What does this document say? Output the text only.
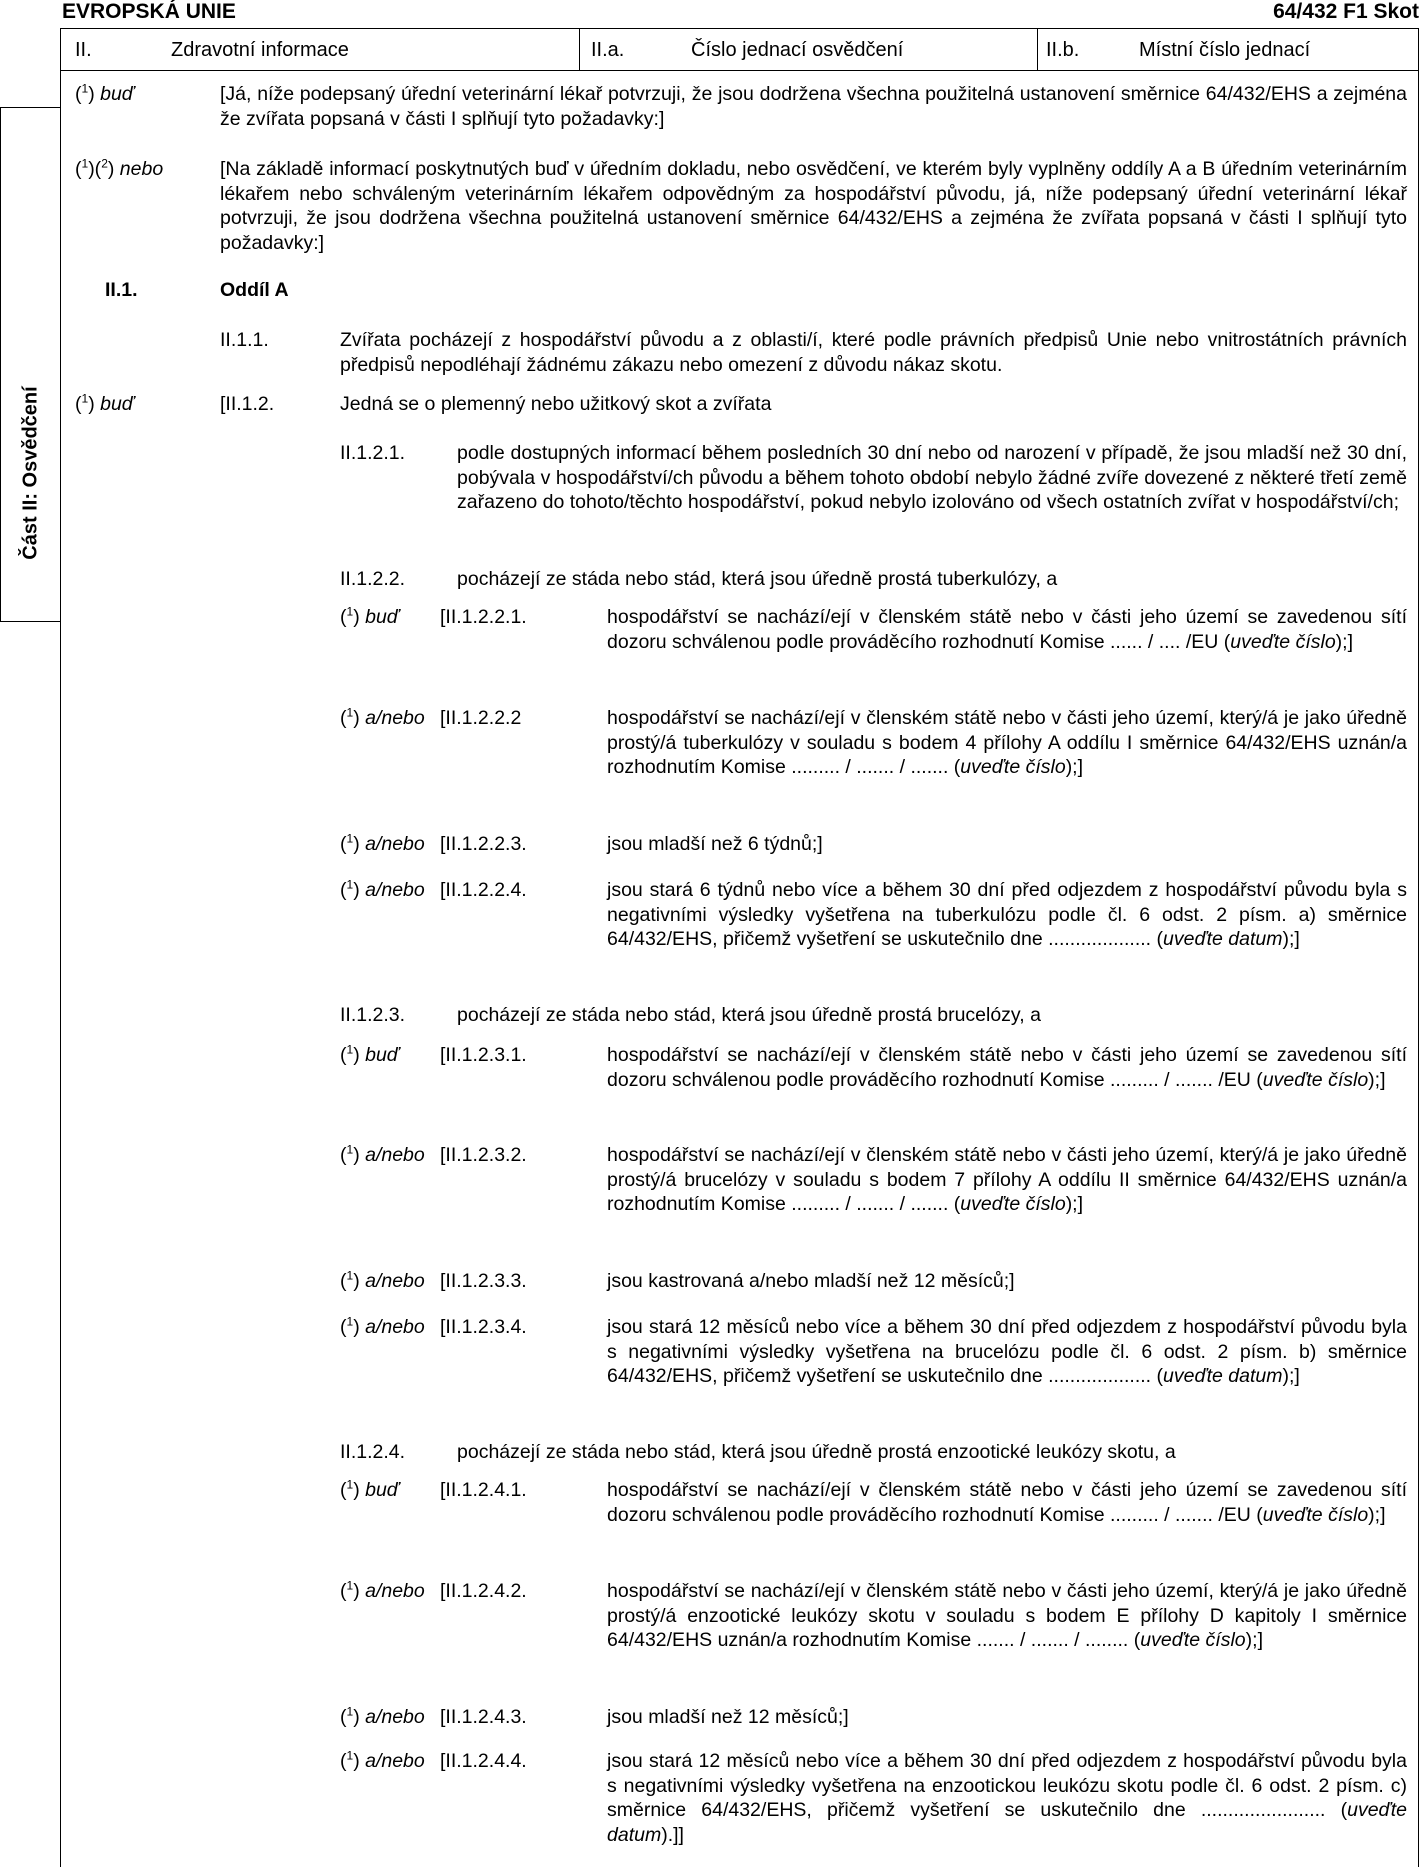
EVROPSKÁ UNIE	64/432 F1 Skot
II.	Zdravotní informace	II.a.	Číslo jednací osvědčení	II.b.	Místní číslo jednací
Část II: Osvědčení
($^1$) buď	[Já, níže podepsaný úřední veterinární lékař potvrzuji, že jsou dodržena všechna použitelná ustanovení směrnice 64/432/EHS a zejména že zvířata popsaná v části I splňují tyto požadavky:]
($^1$)($^2$) nebo	[Na základě informací poskytnutých buď v úředním dokladu, nebo osvědčení, ve kterém byly vyplněny oddíly A a B úředním veterinárním lékařem nebo schváleným veterinárním lékařem odpovědným za hospodářství původu, já, níže podepsaný úřední veterinární lékař potvrzuji, že jsou dodržena všechna použitelná ustanovení směrnice 64/432/EHS a zejména že zvířata popsaná v části I splňují tyto požadavky:]
II.1.	Oddíl A
II.1.1.	Zvířata pocházejí z hospodářství původu a z oblasti/í, které podle právních předpisů Unie nebo vnitrostátních právních předpisů nepodléhají žádnému zákazu nebo omezení z důvodu nákaz skotu.
($^1$) buď	[II.1.2.	Jedná se o plemenný nebo užitkový skot a zvířata
II.1.2.1.	podle dostupných informací během posledních 30 dní nebo od narození v případě, že jsou mladší než 30 dní, pobývala v hospodářství/ch původu a během tohoto období nebylo žádné zvíře dovezené z některé třetí země zařazeno do tohoto/těchto hospodářství, pokud nebylo izolováno od všech ostatních zvířat v hospodářství/ch;
II.1.2.2.	pocházejí ze stáda nebo stád, která jsou úředně prostá tuberkulózy, a
($^1$) buď [II.1.2.2.1.	hospodářství se nachází/ejí v členském státě nebo v části jeho území se zavedenou sítí dozoru schválenou podle prováděcího rozhodnutí Komise ...... / .... /EU (uveďte číslo);]
($^1$) a/nebo [II.1.2.2.2	hospodářství se nachází/ejí v členském státě nebo v části jeho území, který/á je jako úředně prostý/á tuberkulózy v souladu s bodem 4 přílohy A oddílu I směrnice 64/432/EHS uznán/a rozhodnutím Komise ......... / ....... / ....... (uveďte číslo);]
($^1$) a/nebo [II.1.2.2.3.	jsou mladší než 6 týdnů;]
($^1$) a/nebo [II.1.2.2.4.	jsou stará 6 týdnů nebo více a během 30 dní před odjezdem z hospodářství původu byla s negativními výsledky vyšetřena na tuberkulózu podle čl. 6 odst. 2 písm. a) směrnice 64/432/EHS, přičemž vyšetření se uskutečnilo dne ................... (uveďte datum);]
II.1.2.3.	pocházejí ze stáda nebo stád, která jsou úředně prostá brucelózy, a
($^1$) buď [II.1.2.3.1.	hospodářství se nachází/ejí v členském státě nebo v části jeho území se zavedenou sítí dozoru schválenou podle prováděcího rozhodnutí Komise ......... / ....... /EU (uveďte číslo);]
($^1$) a/nebo [II.1.2.3.2.	hospodářství se nachází/ejí v členském státě nebo v části jeho území, který/á je jako úředně prostý/á brucelózy v souladu s bodem 7 přílohy A oddílu II směrnice 64/432/EHS uznán/a rozhodnutím Komise ......... / ....... / ....... (uveďte číslo);]
($^1$) a/nebo [II.1.2.3.3.	jsou kastrovaná a/nebo mladší než 12 měsíců;]
($^1$) a/nebo [II.1.2.3.4.	jsou stará 12 měsíců nebo více a během 30 dní před odjezdem z hospodářství původu byla s negativními výsledky vyšetřena na brucelózu podle čl. 6 odst. 2 písm. b) směrnice 64/432/EHS, přičemž vyšetření se uskutečnilo dne ................... (uveďte datum);]
II.1.2.4.	pocházejí ze stáda nebo stád, která jsou úředně prostá enzootické leukózy skotu, a
($^1$) buď [II.1.2.4.1.	hospodářství se nachází/ejí v členském státě nebo v části jeho území se zavedenou sítí dozoru schválenou podle prováděcího rozhodnutí Komise ......... / ....... /EU (uveďte číslo);]
($^1$) a/nebo [II.1.2.4.2.	hospodářství se nachází/ejí v členském státě nebo v části jeho území, který/á je jako úředně prostý/á enzootické leukózy skotu v souladu s bodem E přílohy D kapitoly I směrnice 64/432/EHS uznán/a rozhodnutím Komise ....... / ....... / ........ (uveďte číslo);]
($^1$) a/nebo [II.1.2.4.3.	jsou mladší než 12 měsíců;]
($^1$) a/nebo [II.1.2.4.4.	jsou stará 12 měsíců nebo více a během 30 dní před odjezdem z hospodářství původu byla s negativními výsledky vyšetřena na enzootickou leukózu skotu podle čl. 6 odst. 2 písm. c) směrnice 64/432/EHS, přičemž vyšetření se uskutečnilo dne ....................... (uveďte datum).]]
